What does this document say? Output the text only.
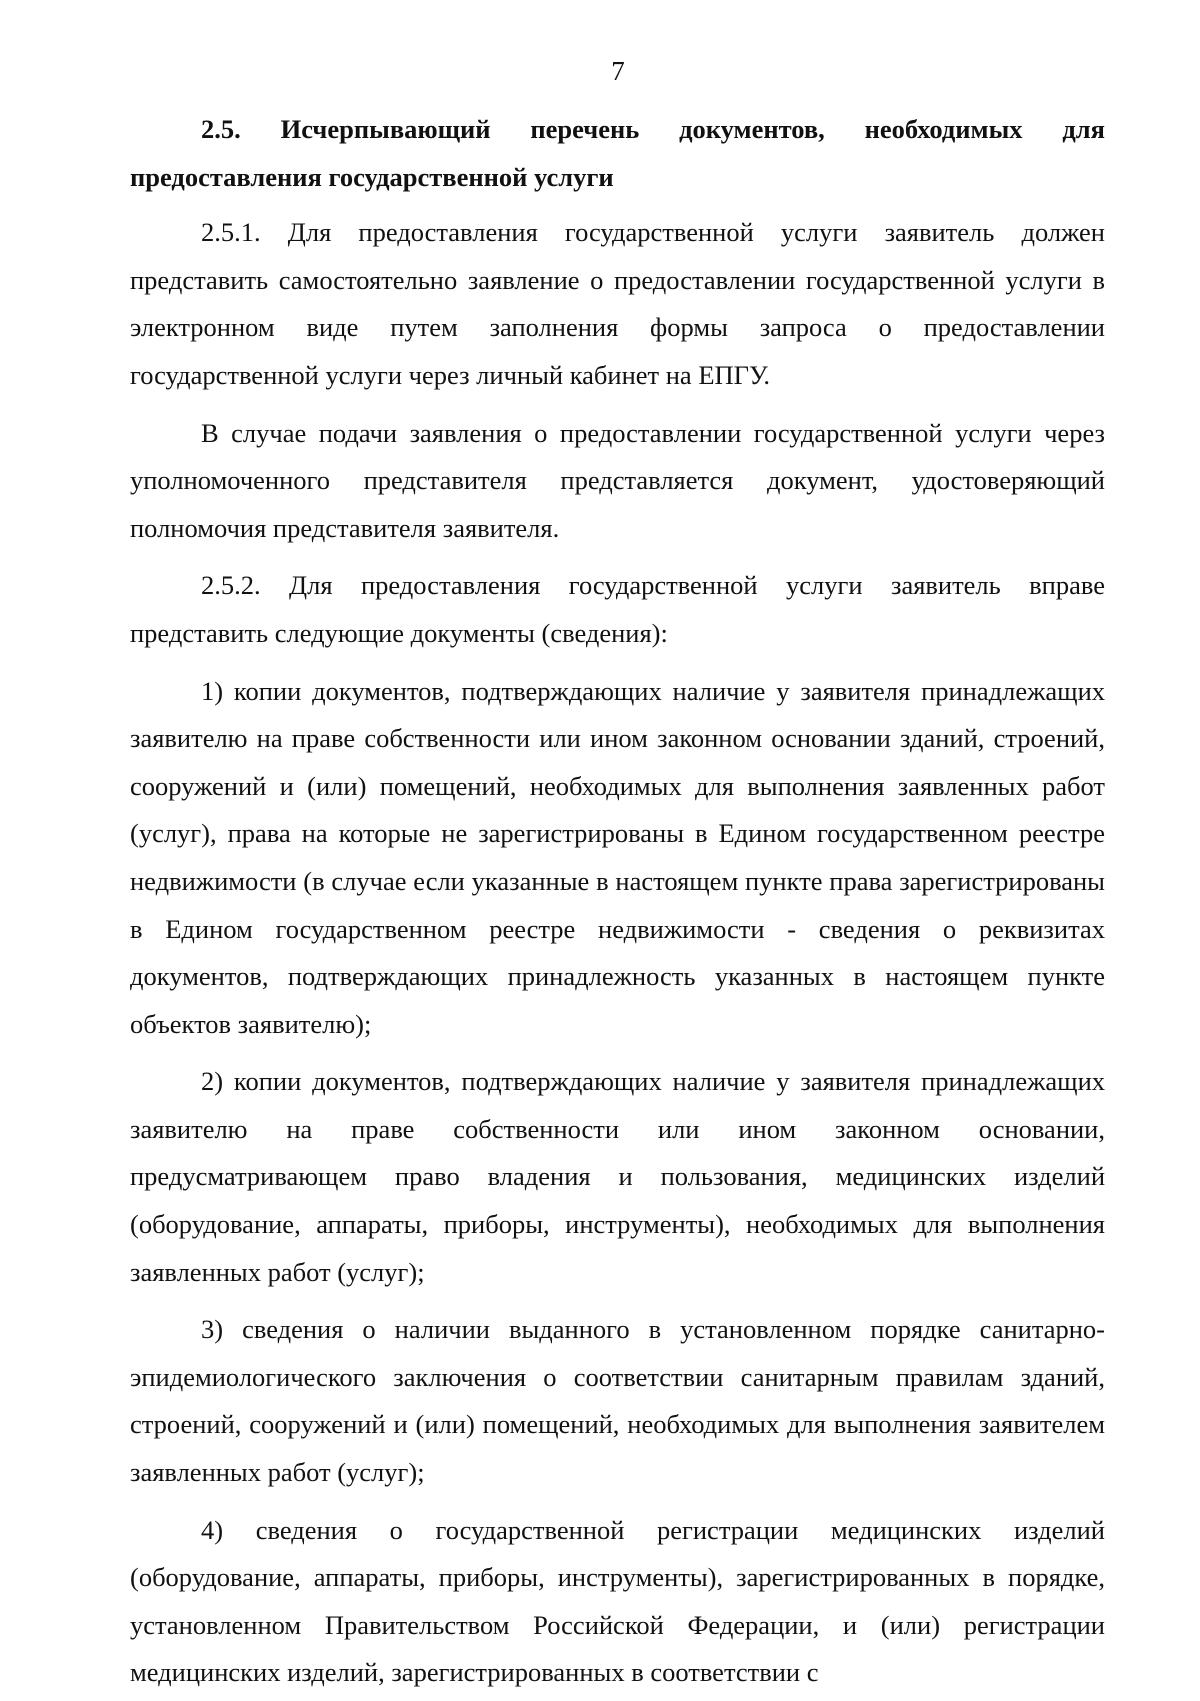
7

2.5. Исчерпывающий перечень документов, необходимых для предоставления государственной услуги

2.5.1. Для предоставления государственной услуги заявитель должен представить самостоятельно заявление о предоставлении государственной услуги в электронном виде путем заполнения формы запроса о предоставлении государственной услуги через личный кабинет на ЕПГУ.

В случае подачи заявления о предоставлении государственной услуги через уполномоченного представителя представляется документ, удостоверяющий полномочия представителя заявителя.

2.5.2. Для предоставления государственной услуги заявитель вправе представить следующие документы (сведения):

1) копии документов, подтверждающих наличие у заявителя принадлежащих заявителю на праве собственности или ином законном основании зданий, строений, сооружений и (или) помещений, необходимых для выполнения заявленных работ (услуг), права на которые не зарегистрированы в Едином государственном реестре недвижимости (в случае если указанные в настоящем пункте права зарегистрированы в Едином государственном реестре недвижимости - сведения о реквизитах документов, подтверждающих принадлежность указанных в настоящем пункте объектов заявителю);

2) копии документов, подтверждающих наличие у заявителя принадлежащих заявителю на праве собственности или ином законном основании, предусматривающем право владения и пользования, медицинских изделий (оборудование, аппараты, приборы, инструменты), необходимых для выполнения заявленных работ (услуг);

3) сведения о наличии выданного в установленном порядке санитарно-эпидемиологического заключения о соответствии санитарным правилам зданий, строений, сооружений и (или) помещений, необходимых для выполнения заявителем заявленных работ (услуг);

4) сведения о государственной регистрации медицинских изделий (оборудование, аппараты, приборы, инструменты), зарегистрированных в порядке, установленном Правительством Российской Федерации, и (или) регистрации медицинских изделий, зарегистрированных в соответствии с
